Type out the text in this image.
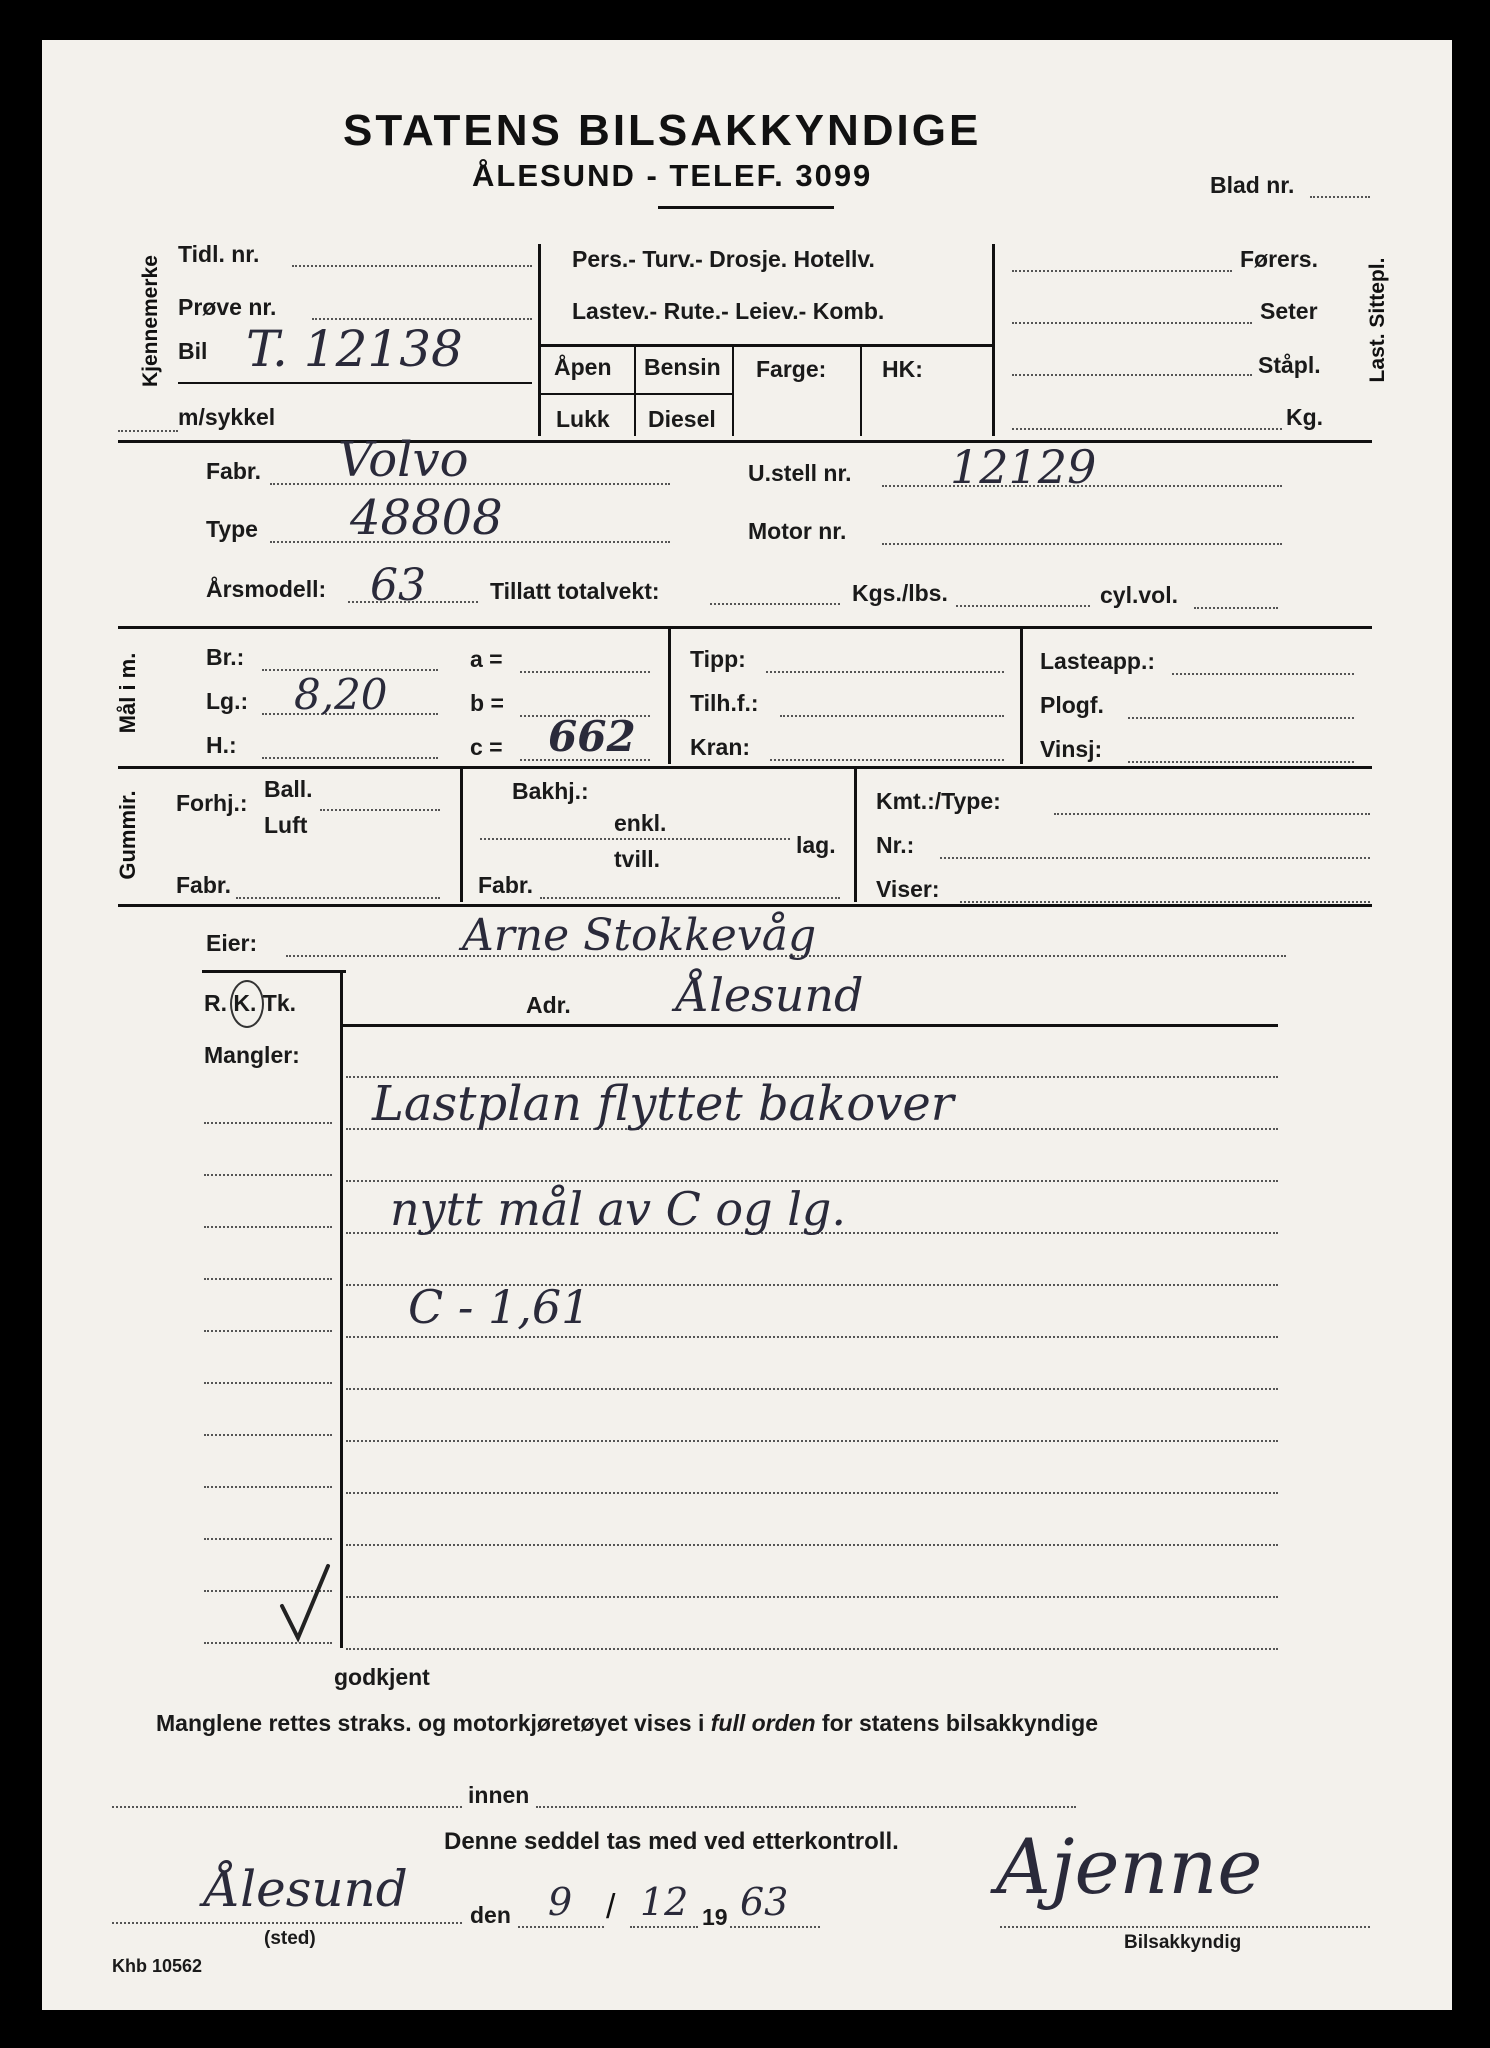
STATENS BILSAKKYNDIGE
ÅLESUND - TELEF. 3099	Blad nr.
Kjennemerke
Tidl. nr.
Prøve nr.
Bil T. 12138
m/sykkel
Pers.- Turv.- Drosje. Hotellv.
Lastev.- Rute.- Leiev.- Komb.
Åpen
Lukk
Bensin
Diesel
Farge: HK:
Førers.
Seter
Ståpl.
Kg.
Last. Sittepl.
Fabr. Volvo
Type 48808
Årsmodell: 63	Tillatt totalvekt:	Kgs./lbs.	cyl.vol.
U.stell nr. 12129
Motor nr.
Mål i m.	Br.:
Lg.: 8,20
H.:
a =
b =
c = 662
Tipp:
Tilh.f.:
Kran:
Lasteapp.:
Plogf.
Vinsj:
Gummir. Forhj.:
Ball.
Luft
Fabr.
Bakhj.:
enkl.
tvill.
lag.
Fabr.
Kmt.:/Type:
Nr.:
Viser:
Eier:	Arne Stokkevåg
R. K. Tk.	Adr. Ålesund
Mangler:
Lastplan flyttet bakover
nytt mål av C og lg.
C - 1,61
godkjent
Manglene rettes straks. og motorkjøretøyet vises i full orden for statens bilsakkyndige
innen
Denne seddel tas med ved etterkontroll.
Ålesund
(sted)
den 9 / 12 19 63	Ajenne
Bilsakkyndig
Khb 10562
